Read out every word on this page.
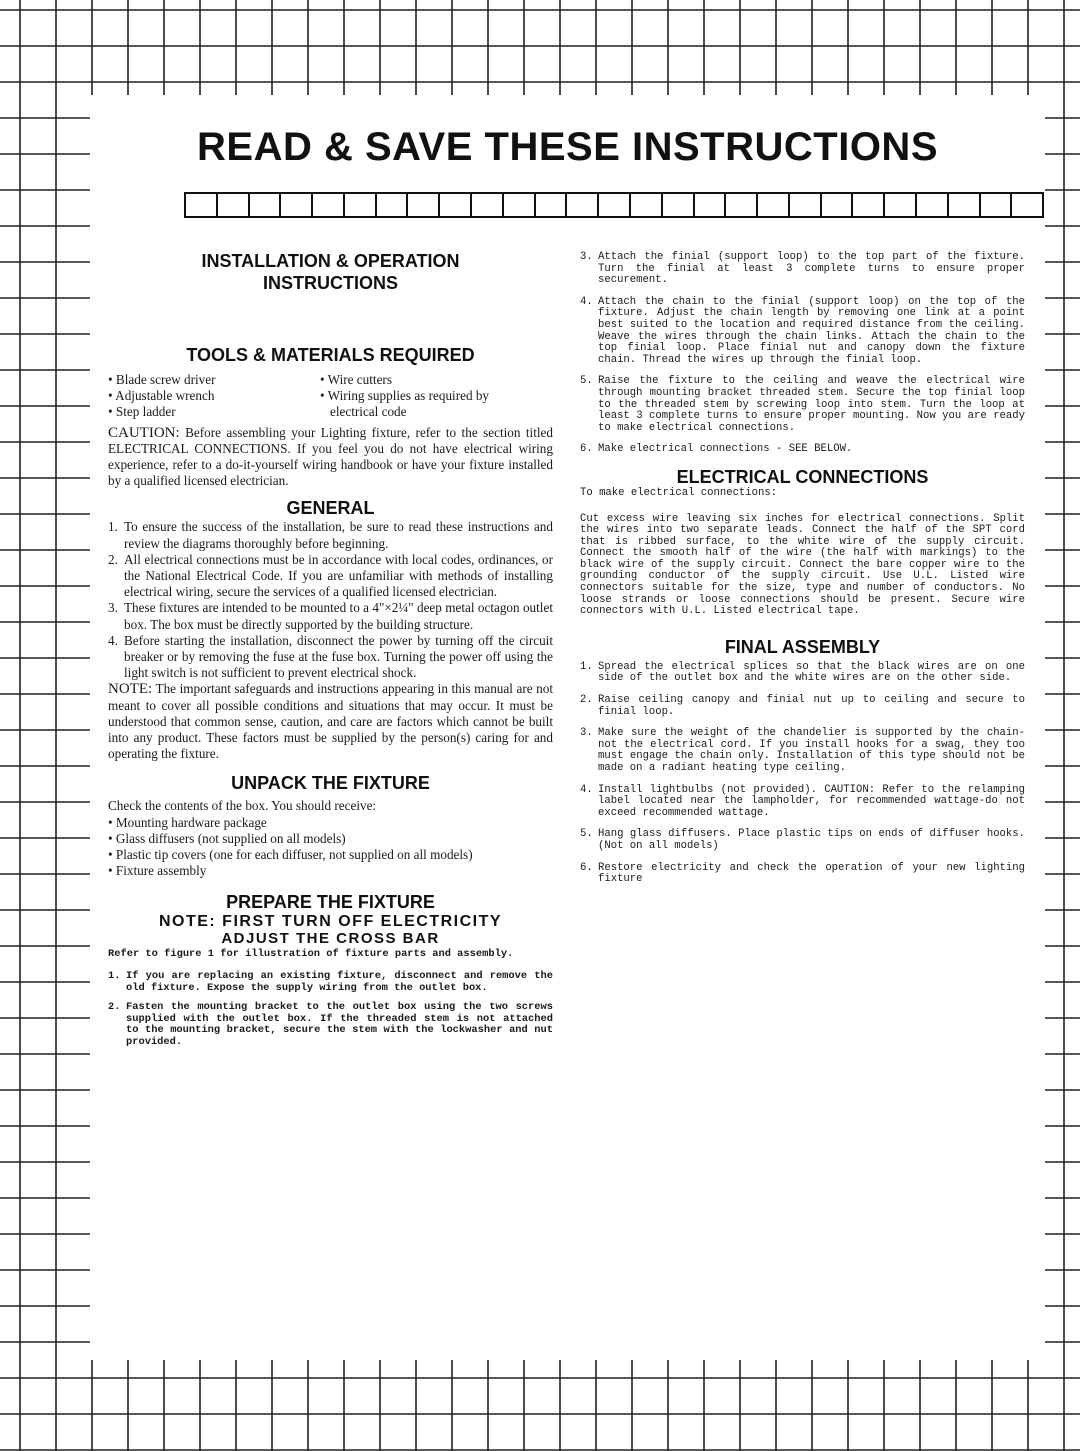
READ & SAVE THESE INSTRUCTIONS
INSTALLATION & OPERATION
INSTRUCTIONS
TOOLS & MATERIALS REQUIRED
• Blade screw driver
• Adjustable wrench
• Step ladder
• Wire cutters
• Wiring supplies as required by
electrical code

CAUTION: Before assembling your Lighting fixture, refer to the section titled ELECTRICAL CONNECTIONS. If you feel you do not have electrical wiring experience, refer to a do-it-yourself wiring handbook or have your fixture installed by a qualified licensed electrician.

GENERAL
1. To ensure the success of the installation, be sure to read these instructions and review the diagrams thoroughly before beginning.
2. All electrical connections must be in accordance with local codes, ordinances, or the National Electrical Code. If you are unfamiliar with methods of installing electrical wiring, secure the services of a qualified licensed electrician.
3. These fixtures are intended to be mounted to a 4"×2¼" deep metal octagon outlet box. The box must be directly supported by the building structure.
4. Before starting the installation, disconnect the power by turning off the circuit breaker or by removing the fuse at the fuse box. Turning the power off using the light switch is not sufficient to prevent electrical shock.

NOTE: The important safeguards and instructions appearing in this manual are not meant to cover all possible conditions and situations that may occur. It must be understood that common sense, caution, and care are factors which cannot be built into any product. These factors must be supplied by the person(s) caring for and operating the fixture.

UNPACK THE FIXTURE
Check the contents of the box. You should receive:
• Mounting hardware package
• Glass diffusers (not supplied on all models)
• Plastic tip covers (one for each diffuser, not supplied on all models)
• Fixture assembly
PREPARE THE FIXTURE
NOTE: FIRST TURN OFF ELECTRICITY
ADJUST THE CROSS BAR
Refer to figure 1 for illustration of fixture parts and assembly.
1. If you are replacing an existing fixture, disconnect and remove the old fixture. Expose the supply wiring from the outlet box.
2. Fasten the mounting bracket to the outlet box using the two screws supplied with the outlet box. If the threaded stem is not attached to the mounting bracket, secure the stem with the lockwasher and nut provided.
3. Attach the finial (support loop) to the top part of the fixture. Turn the finial at least 3 complete turns to ensure proper securement.
4. Attach the chain to the finial (support loop) on the top of the fixture. Adjust the chain length by removing one link at a point best suited to the location and required distance from the ceiling. Weave the wires through the chain links. Attach the chain to the top finial loop. Place finial nut and canopy down the fixture chain. Thread the wires up through the finial loop.
5. Raise the fixture to the ceiling and weave the electrical wire through mounting bracket threaded stem. Secure the top finial loop to the threaded stem by screwing loop into stem. Turn the loop at least 3 complete turns to ensure proper mounting. Now you are ready to make electrical connections.
6. Make electrical connections - SEE BELOW.
ELECTRICAL CONNECTIONS
To make electrical connections:

Cut excess wire leaving six inches for electrical connections. Split the wires into two separate leads. Connect the half of the SPT cord that is ribbed surface, to the white wire of the supply circuit. Connect the smooth half of the wire (the half with markings) to the black wire of the supply circuit. Connect the bare copper wire to the grounding conductor of the supply circuit. Use U.L. Listed wire connectors suitable for the size, type and number of conductors. No loose strands or loose connections should be present. Secure wire connectors with U.L. Listed electrical tape.

FINAL ASSEMBLY
1. Spread the electrical splices so that the black wires are on one side of the outlet box and the white wires are on the other side.
2. Raise ceiling canopy and finial nut up to ceiling and secure to finial loop.
3. Make sure the weight of the chandelier is supported by the chain-not the electrical cord. If you install hooks for a swag, they too must engage the chain only. Installation of this type should not be made on a radiant heating type ceiling.
4. Install lightbulbs (not provided). CAUTION: Refer to the relamping label located near the lampholder, for recommended wattage-do not exceed recommended wattage.
5. Hang glass diffusers. Place plastic tips on ends of diffuser hooks. (Not on all models)
6. Restore electricity and check the operation of your new lighting fixture
